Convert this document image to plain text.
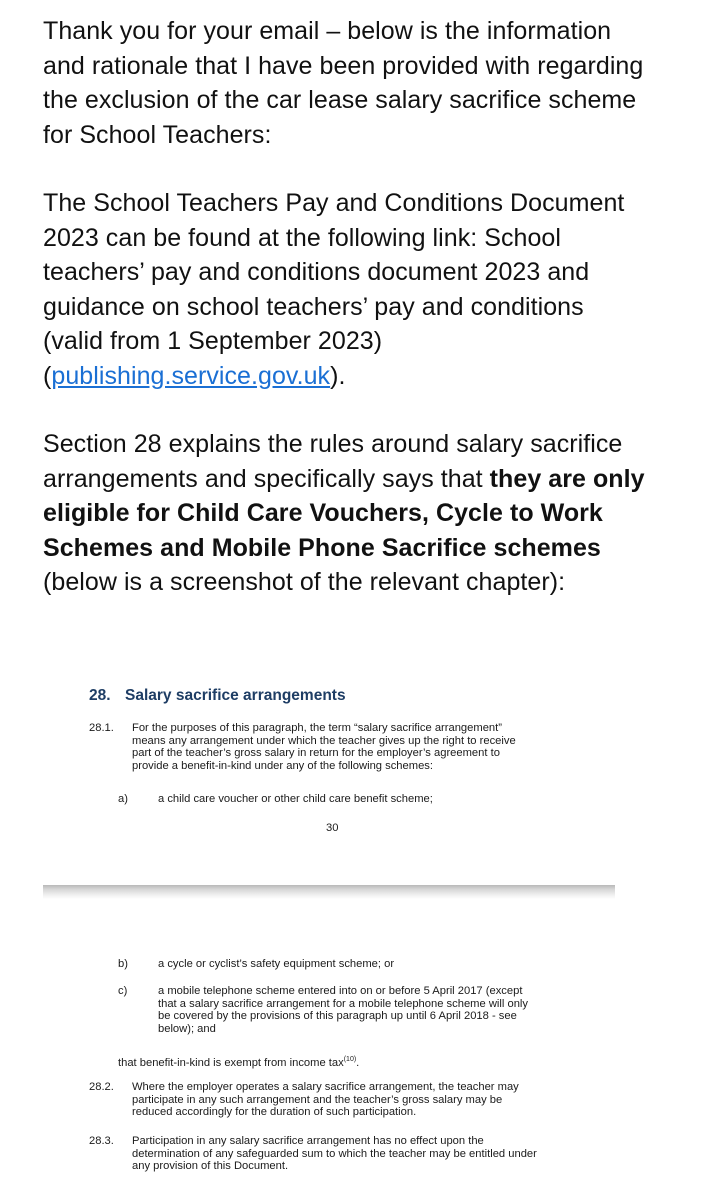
Thank you for your email – below is the information
and rationale that I have been provided with regarding
the exclusion of the car lease salary sacrifice scheme
for School Teachers:

The School Teachers Pay and Conditions Document
2023 can be found at the following link: School
teachers’ pay and conditions document 2023 and
guidance on school teachers’ pay and conditions
(valid from 1 September 2023)
(publishing.service.gov.uk).

Section 28 explains the rules around salary sacrifice
arrangements and specifically says that they are only
eligible for Child Care Vouchers, Cycle to Work
Schemes and Mobile Phone Sacrifice schemes
(below is a screenshot of the relevant chapter):

28. Salary sacrifice arrangements
28.1. For the purposes of this paragraph, the term “salary sacrifice arrangement”
means any arrangement under which the teacher gives up the right to receive
part of the teacher’s gross salary in return for the employer’s agreement to
provide a benefit-in-kind under any of the following schemes:
a)	a child care voucher or other child care benefit scheme;
30
b)	a cycle or cyclist’s safety equipment scheme; or
c)	a mobile telephone scheme entered into on or before 5 April 2017 (except
that a salary sacrifice arrangement for a mobile telephone scheme will only
be covered by the provisions of this paragraph up until 6 April 2018 - see
below); and
that benefit-in-kind is exempt from income tax$^{(10)}$.
28.2. Where the employer operates a salary sacrifice arrangement, the teacher may
participate in any such arrangement and the teacher’s gross salary may be
reduced accordingly for the duration of such participation.
28.3. Participation in any salary sacrifice arrangement has no effect upon the
determination of any safeguarded sum to which the teacher may be entitled under
any provision of this Document.
